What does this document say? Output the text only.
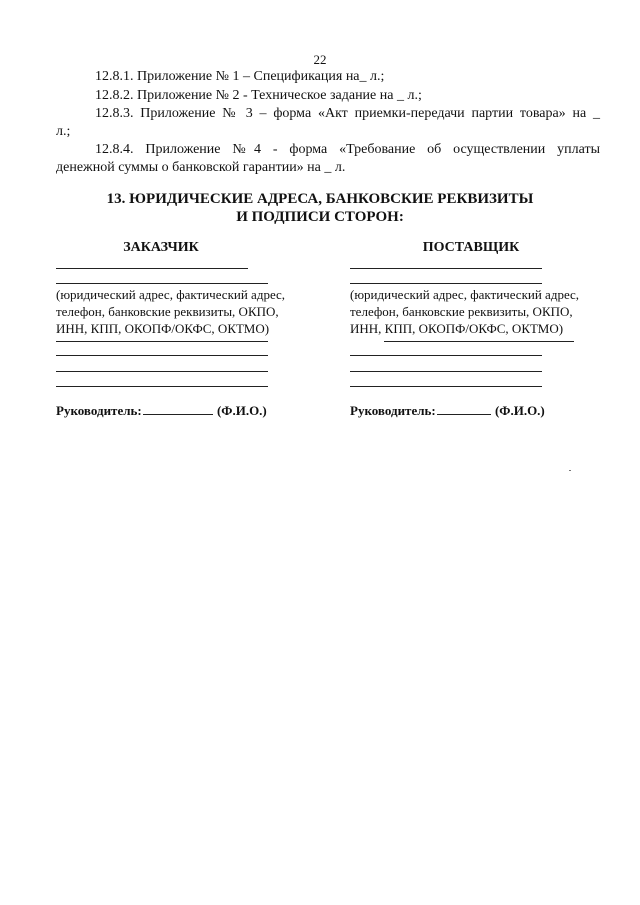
22
12.8.1. Приложение № 1 – Спецификация на_ л.;
12.8.2. Приложение № 2 - Техническое задание на _ л.;
12.8.3. Приложение № 3 – форма «Акт приемки-передачи партии товара» на _
л.;
12.8.4. Приложение №4 - форма «Требование об осуществлении уплаты
денежной суммы о банковской гарантии» на _ л.
13. ЮРИДИЧЕСКИЕ АДРЕСА, БАНКОВСКИЕ РЕКВИЗИТЫ
И ПОДПИСИ СТОРОН:
ЗАКАЗЧИК
(юридический адрес, фактический адрес,
телефон, банковские реквизиты, ОКПО,
ИНН, КПП, ОКОПФ/ОКФС, ОКТМО)
Руководитель:	(Ф.И.О.)
ПОСТАВЩИК
(юридический адрес, фактический адрес,
телефон, банковские реквизиты, ОКПО,
ИНН, КПП, ОКОПФ/ОКФС, ОКТМО)
Руководитель:	(Ф.И.О.)
